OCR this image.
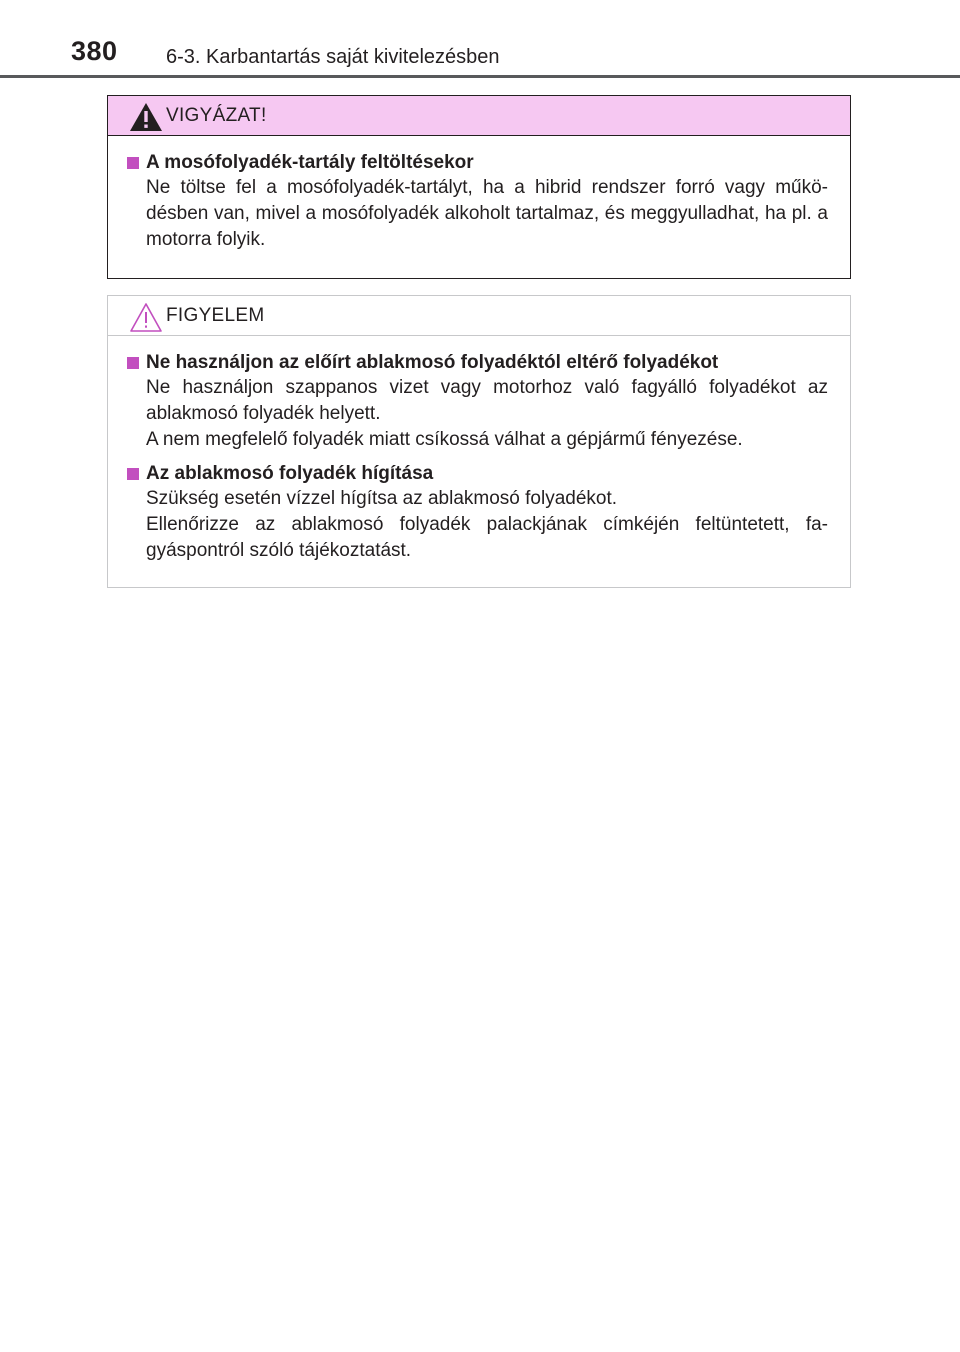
380 6-3. Karbantartás saját kivitelezésben
VIGYÁZAT!
A mosófolyadék-tartály feltöltésekor

Ne töltse fel a mosófolyadék-tartályt, ha a hibrid rendszer forró vagy műkö-désben van, mivel a mosófolyadék alkoholt tartalmaz, és meggyulladhat, ha pl. a motorra folyik.

FIGYELEM
Ne használjon az előírt ablakmosó folyadéktól eltérő folyadékot

Ne használjon szappanos vizet vagy motorhoz való fagyálló folyadékot az ablakmosó folyadék helyett.

A nem megfelelő folyadék miatt csíkossá válhat a gépjármű fényezése.

Az ablakmosó folyadék hígítása

Szükség esetén vízzel hígítsa az ablakmosó folyadékot.

Ellenőrizze az ablakmosó folyadék palackjának címkéjén feltüntetett, fa-gyáspontról szóló tájékoztatást.
